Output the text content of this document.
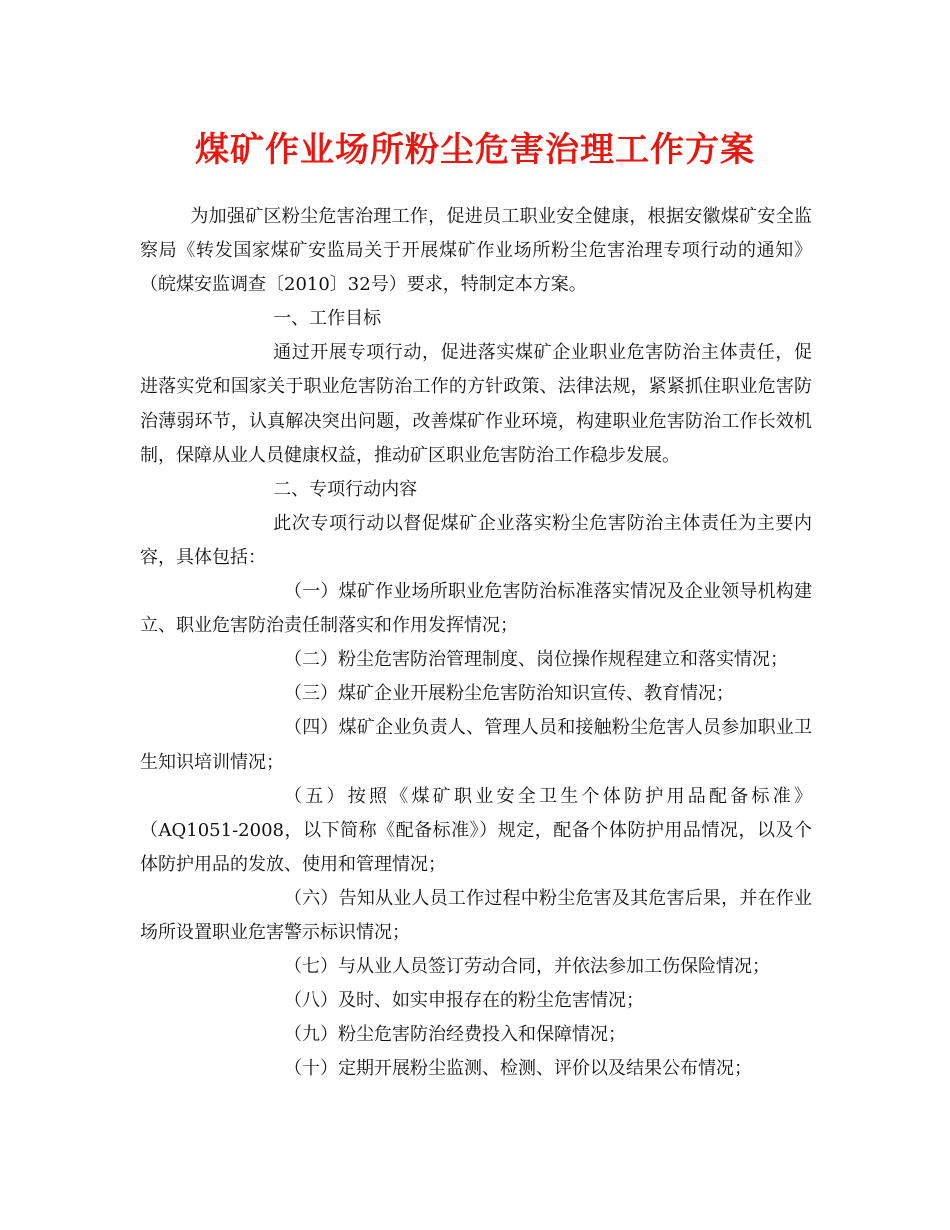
煤矿作业场所粉尘危害治理工作方案

为加强矿区粉尘危害治理工作，促进员工职业安全健康，根据安徽煤矿安全监察局《转发国家煤矿安监局关于开展煤矿作业场所粉尘危害治理专项行动的通知》（皖煤安监调查〔2010〕32号）要求，特制定本方案。

一、工作目标

通过开展专项行动，促进落实煤矿企业职业危害防治主体责任，促进落实党和国家关于职业危害防治工作的方针政策、法律法规，紧紧抓住职业危害防治薄弱环节，认真解决突出问题，改善煤矿作业环境，构建职业危害防治工作长效机制，保障从业人员健康权益，推动矿区职业危害防治工作稳步发展。

二、专项行动内容

此次专项行动以督促煤矿企业落实粉尘危害防治主体责任为主要内容，具体包括：

（一）煤矿作业场所职业危害防治标准落实情况及企业领导机构建立、职业危害防治责任制落实和作用发挥情况；

（二）粉尘危害防治管理制度、岗位操作规程建立和落实情况；

（三）煤矿企业开展粉尘危害防治知识宣传、教育情况；

（四）煤矿企业负责人、管理人员和接触粉尘危害人员参加职业卫生知识培训情况；

（五）按照《煤矿职业安全卫生个体防护用品配备标准》（AQ1051-2008，以下简称《配备标准》）规定，配备个体防护用品情况，以及个体防护用品的发放、使用和管理情况；

（六）告知从业人员工作过程中粉尘危害及其危害后果，并在作业场所设置职业危害警示标识情况；

（七）与从业人员签订劳动合同，并依法参加工伤保险情况；

（八）及时、如实申报存在的粉尘危害情况；

（九）粉尘危害防治经费投入和保障情况；

（十）定期开展粉尘监测、检测、评价以及结果公布情况；
